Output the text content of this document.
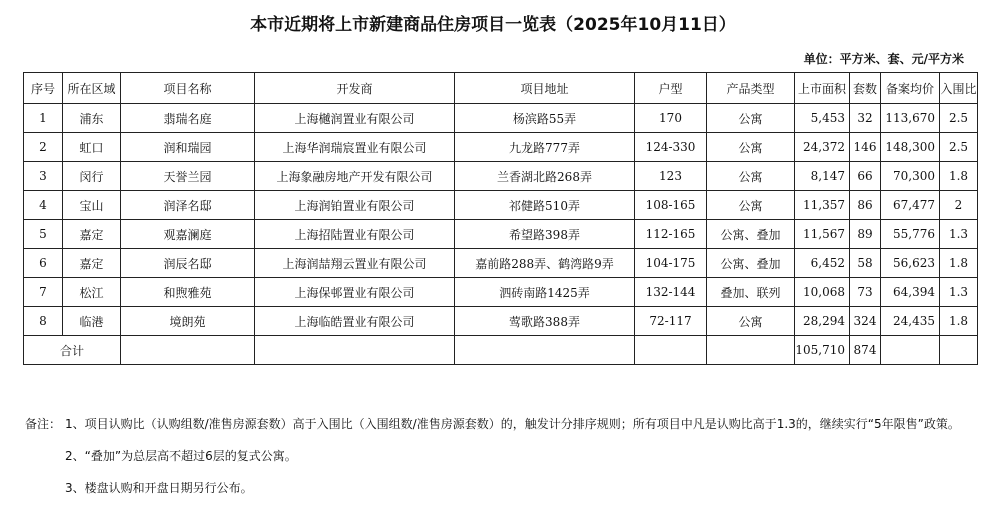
本市近期将上市新建商品住房项目一览表（2025年10月11日）
单位：平方米、套、元/平方米
序号	所在区域	项目名称	开发商	项目地址	户型	产品类型	上市面积	套数	备案均价	入围比
1	浦东	翡瑞名庭	上海樾润置业有限公司	杨滨路55弄	170	公寓	5,453	32	113,670	2.5
2	虹口	润和瑞园	上海华润瑞宸置业有限公司	九龙路777弄	124-330	公寓	24,372	146	148,300	2.5
3	闵行	天誉兰园	上海象融房地产开发有限公司	兰香湖北路268弄	123	公寓	8,147	66	70,300	1.8
4	宝山	润泽名邸	上海润铂置业有限公司	祁健路510弄	108-165	公寓	11,357	86	67,477	2
5	嘉定	观嘉澜庭	上海招陆置业有限公司	希望路398弄	112-165	公寓、叠加	11,567	89	55,776	1.3
6	嘉定	润辰名邸	上海润喆翔云置业有限公司	嘉前路288弄、鹤湾路9弄	104-175	公寓、叠加	6,452	58	56,623	1.8
7	松江	和煦雅苑	上海保邨置业有限公司	泗砖南路1425弄	132-144	叠加、联列	10,068	73	64,394	1.3
8	临港	境朗苑	上海临皓置业有限公司	莺歌路388弄	72-117	公寓	28,294	324	24,435	1.8
合计							105,710	874		
备注： 1、项目认购比（认购组数/准售房源套数）高于入围比（入围组数/准售房源套数）的，触发计分排序规则；所有项目中凡是认购比高于1.3的，继续实行“5年限售”政策。
2、“叠加”为总层高不超过6层的复式公寓。
3、楼盘认购和开盘日期另行公布。
